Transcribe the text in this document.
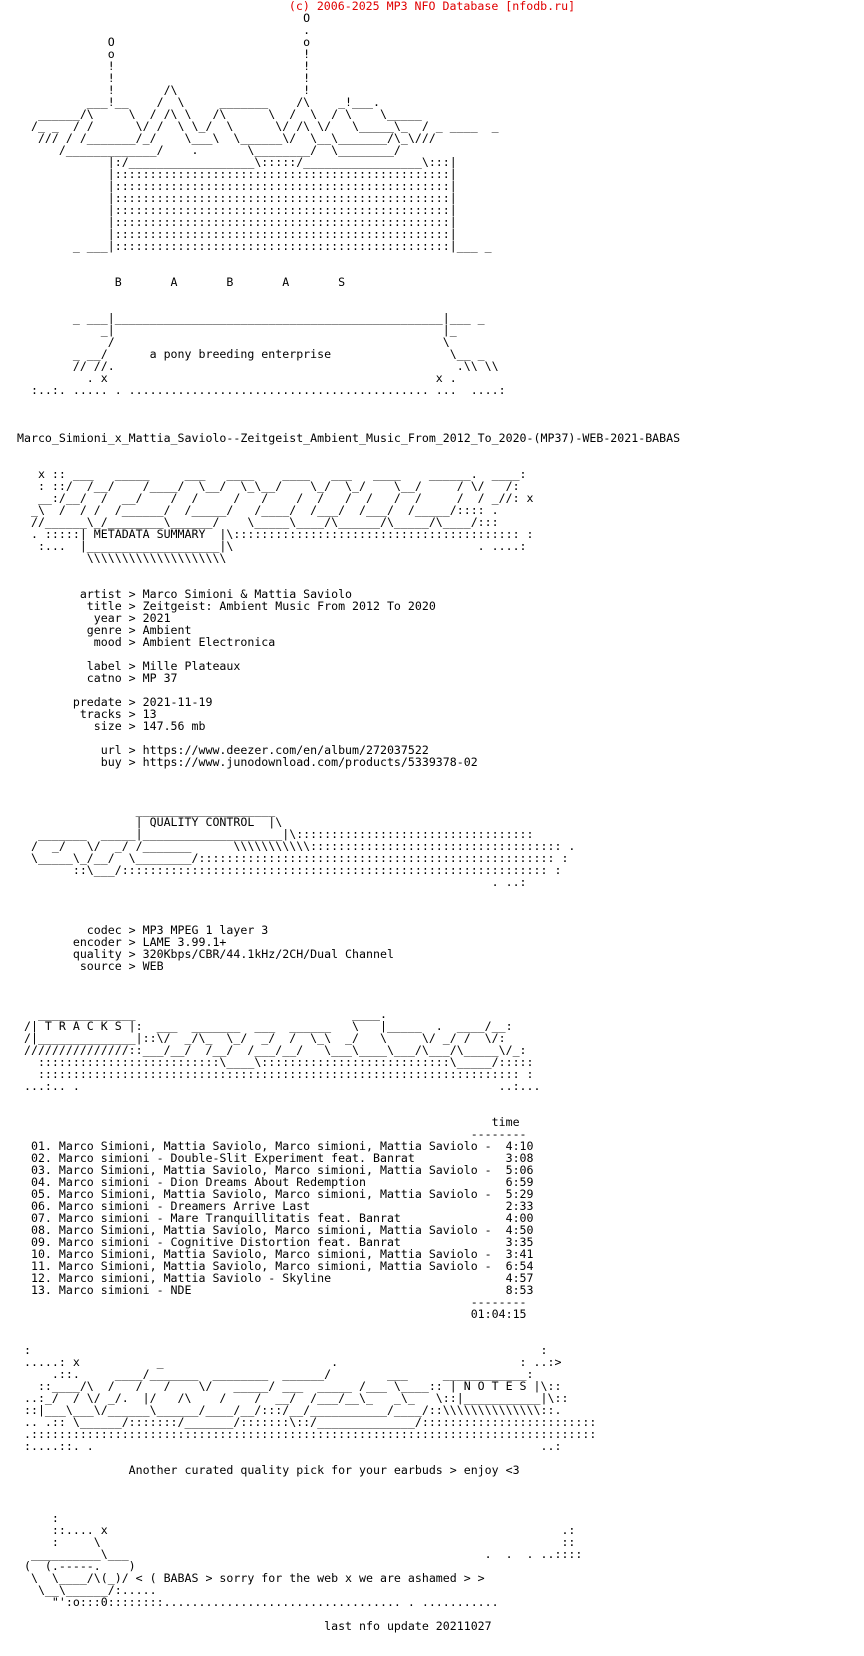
(c) 2006-2025 MP3 NFO Database [nfodb.ru]
O
.
O                           o
o                           !
!                           !
!                           !
!       /\                  !
___!__    /  \     _______    /\    _!___.
______/\     \  / /\ \   /\      \  /  \  / \    \_____
/_ _  / /      \/ /  \ \_/  \      \/ /\ \/   \_____\_  / _ ____  _
/// / /_______/_/    \___\  \______\/  \__\_______/\_\///
/_____________/    .       \________/  \________/
|:/__________________\:::::/_________________\:::|
|::::::::::::::::::::::::::::::::::::::::::::::::|
|::::::::::::::::::::::::::::::::::::::::::::::::|
|::::::::::::::::::::::::::::::::::::::::::::::::|
|::::::::::::::::::::::::::::::::::::::::::::::::|
|::::::::::::::::::::::::::::::::::::::::::::::::|
|::::::::::::::::::::::::::::::::::::::::::::::::|
_ ___|::::::::::::::::::::::::::::::::::::::::::::::::|___ _
B       A       B       A       S
_ ___|_______________________________________________|___ _
_|                                               |_
/                                               \
_ __/      a pony breeding enterprise                 \__ _
// //.                                                 .\\ \\
. x                                               x .
:..:. ..... . ........................................... ...  ....:
Marco_Simioni_x_Mattia_Saviolo--Zeitgeist_Ambient_Music_From_2012_To_2020-(MP37)-WEB-2021-BABAS
x :: ___   _____     ___   ____    ____   ___   ____    ______.  ____:
: ::/  /__/    /____/  \__/  \_\__/    \_/  \_/    \__/     / \/   /:
__:/__/  /  __/    /  /     /   /    /  /   /  /   /  /     /  / _//: x
_\  /  / /  /______/  /_____/   /____/  /___/  /___/  /_____/:::: .
//______\_/________\______/    \_____\____/\______/\_____/\____/:::
. :::::| METADATA SUMMARY  |\::::::::::::::::::::::::::::::::::::::::: :
:...  |___________________|\                                   . ....:
\\\\\\\\\\\\\\\\\\\\
artist > Marco Simioni & Mattia Saviolo
title > Zeitgeist: Ambient Music From 2012 To 2020
year > 2021
genre > Ambient
mood > Ambient Electronica
label > Mille Plateaux
catno > MP 37
predate > 2021-11-19
tracks > 13
size > 147.56 mb
url > https://www.deezer.com/en/album/272037522
buy > https://www.junodownload.com/products/5339378-02
____________________
| QUALITY CONTROL  |\
_______  _____|____________________|\::::::::::::::::::::::::::::::::::
/  _/   \/  _/ /_______      \\\\\\\\\\\:::::::::::::::::::::::::::::::::::: .
\_____\_/__/  \________/::::::::::::::::::::::::::::::::::::::::::::::::::: :
::\___/::::::::::::::::::::::::::::::::::::::::::::::::::::::::::::: :
. ..:
codec > MP3 MPEG 1 layer 3
encoder > LAME 3.99.1+
quality > 320Kbps/CBR/44.1kHz/2CH/Dual Channel
source > WEB
______________                               ____.
/| T R A C K S |:  ___  _______  ___  ______   \   |_____  .  ____/__:
/|______________|::\/  _/\_  \_/  _/  /  \_\  _/   \     \/ _/ /  \/:
///////////////::___/__/  /__/  /___/__/   \___\____\___/\___/\_____\/_:
::::::::::::::::::::::::::\____\:::::::::::::::::::::::::::\_____/:::::
::::::::::::::::::::::::::::::::::::::::::::::::::::::::::::::::::::: :
...:.. .                                                            ..:...
time
--------
01. Marco Simioni, Mattia Saviolo, Marco simioni, Mattia Saviolo -  4:10
02. Marco simioni - Double-Slit Experiment feat. Banrat             3:08
03. Marco Simioni, Mattia Saviolo, Marco simioni, Mattia Saviolo -  5:06
04. Marco simioni - Dion Dreams About Redemption                    6:59
05. Marco Simioni, Mattia Saviolo, Marco simioni, Mattia Saviolo -  5:29
06. Marco simioni - Dreamers Arrive Last                            2:33
07. Marco simioni - Mare Tranquillitatis feat. Banrat               4:00
08. Marco Simioni, Mattia Saviolo, Marco simioni, Mattia Saviolo -  4:50
09. Marco simioni - Cognitive Distortion feat. Banrat               3:35
10. Marco Simioni, Mattia Saviolo, Marco simioni, Mattia Saviolo -  3:41
11. Marco Simioni, Mattia Saviolo, Marco simioni, Mattia Saviolo -  6:54
12. Marco simioni, Mattia Saviolo - Skyline                         4:57
13. Marco simioni - NDE                                             8:53
--------
01:04:15
:                                                                         :
.....: x           _                        .                          : ..:>
.::.     ____/_______  ________  ______/        ___     ____________:
::____/\  /   /   /    \/   _____/ ___  _____ /___ \____:: | N O T E S |\::
..:_/  / \/ _/.  |/   /\    /    /  __/  /___/__\_   _\_   \::|___________|\::
::|___\___\/______\______/____/__/:::/__/___________/____/::\\\\\\\\\\\\\\::.
.. .:: \______/:::::::/_______/:::::::\::/______________/:::::::::::::::::::::::::
.:::::::::::::::::::::::::::::::::::::::::::::::::::::::::::::::::::::::::::::::::
:....::. .                                                                ..:
Another curated quality pick for your earbuds > enjoy <3
:
::.... x                                                                 .:
:     \                                                                  ::
__________\___                                                   .  .  . ..::::
(  (.-----.    )
\  \____/\(_)/ < ( BABAS > sorry for the web x we are ashamed > >
\__\______/:.....
"':o:::0::::::::.................................. . ...........
last nfo update 20211027
